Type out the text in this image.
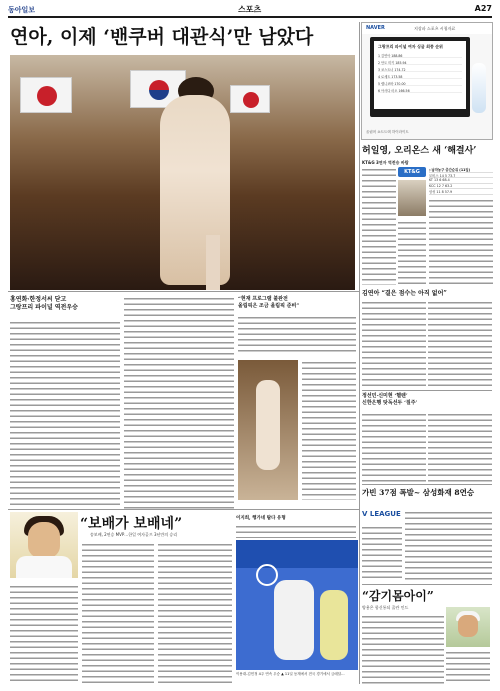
동아일보	스포츠	A27
연아, 이제 ‘밴쿠버 대관식’만 남았다
홍연화·한정서씨 닫고
그랑프리 파이널 역전우승
“현재 프로그램 불완전
올림픽은 조금 올림픽 준비”
김연아 “결은 점수는 아직 없어”
NAVER	지상파 스포츠 시청자료
그랑프리 파이널 여자 싱글 최종 순위
1 김연아 188.86
2 안도 미키 185.94
3 코스트너 174.72
4 로셰트 173.58
5 렙니코바 170.00
6 아사다 마오 166.56
올림픽 쇼트트랙 하이라이트
허일영, 오리온스 새 ‘해결사’
KT&G 3연자 역전승 바랍
KT&G	▷남자농구 중간순위 (11일)
모비스 14 5 73.7
KT 13 6 68.4
KCC 12 7 63.2
삼성 11 8 57.9
정선민·신미현 ‘헬렌’
신한은행 탓독선두 ‘질주’
가빈 37점 폭발~ 삼성화재 8연승
V LEAGUE
“감기몸아이”
양용은 합신통되 줄란 인드
“보배가 보배네”
송보배, 2연승 MVP…한일 여자골프 3년만의 승리
이지희, 행가네 탐다 유형
이용대-김민정 4주 연속 우승 ▲ 11일 동계에서 전국 경기에서 금메달…
